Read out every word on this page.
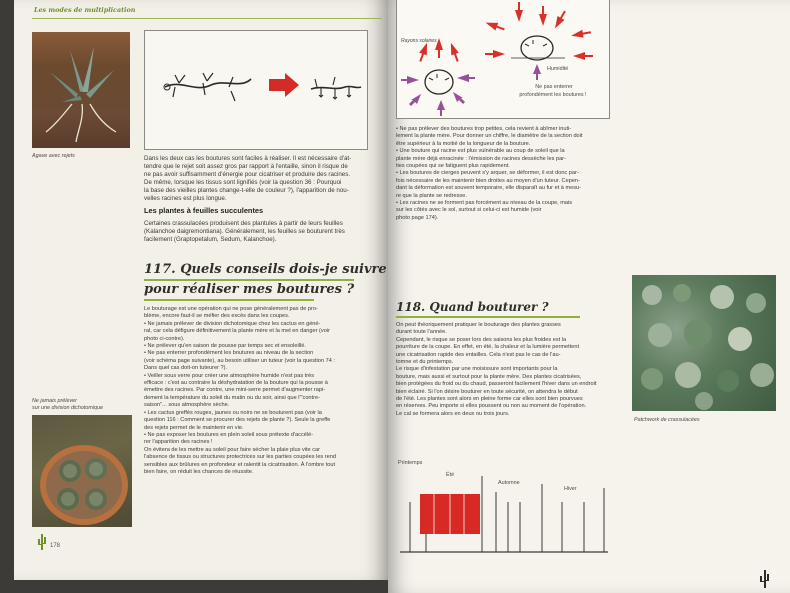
Les modes de multiplication
Agave avec rejets	Dans les deux cas les boutures sont faciles à réaliser. Il est nécessaire d'at-
tendre que le rejet soit assez gros par rapport à l'entaille, sinon il risque de
ne pas avoir suffisamment d'énergie pour cicatriser et produire des racines.
De même, lorsque les tissus sont lignifiés (voir la question 36 : Pourquoi
la base des vieilles plantes change-t-elle de couleur ?), l'apparition de nou-
velles racines est plus longue.
Les plantes à feuilles succulentes
Certaines crassulacées produisent des plantules à partir de leurs feuilles
(Kalanchoe daigremontiana). Généralement, les feuilles se bouturent très
facilement (Graptopetalum, Sedum, Kalanchoe).
117. Quels conseils dois-je suivre
pour réaliser mes boutures ?
Le bouturage est une opération qui ne pose généralement pas de pro-
blème, encore faut-il se méfier des excès dans les coupes.
• Ne jamais prélever de division dichotomique chez les cactus en géné-
ral, car cela défigure définitivement la plante mère et la met en danger (voir
photo ci-contre).
• Ne prélever qu'en saison de pousse par temps sec et ensoleillé.
• Ne pas enterrer profondément les boutures au niveau de la section
(voir schéma page suivante), au besoin utiliser un tuteur (voir la question 74 :
Dans quel cas doit-on tuteurer ?).
• Veiller sous verre pour créer une atmosphère humide n'est pas très
efficace : c'est au contraire la déshydratation de la bouture qui la pousse à
émettre des racines. Par contre, une mini-serre permet d'augmenter rapi-
dement la température du soleil du matin ou du soir, ainsi que l'"contre-
saison"... sous atmosphère sèche.
• Les cactus greffés rouges, jaunes ou noirs ne se bouturent pas (voir la
question 116 : Comment se procurer des rejets de plante ?). Seule la greffe
des rejets permet de le maintenir en vie.
• Ne pas exposer les boutures en plein soleil sous prétexte d'accélé-
rer l'apparition des racines !
On évitera de les mettre au soleil pour faire sécher la plaie plus vite car
l'absence de tissus ou structures protectrices sur les parties coupées les rend
sensibles aux brûlures en profondeur et ralentit la cicatrisation. À l'ombre tout
bien faire, on réduit les chances de réussite.
Ne jamais prélever
sur une division dichotomique
178
Rayons solaires
Humidité
Ne pas enterrer
profondément les boutures !
• Ne pas prélever des boutures trop petites, cela revient à abîmer inuti-
lement la plante mère. Pour donner un chiffre, le diamètre de la section doit
être supérieur à la moitié de la longueur de la bouture.
• Une bouture qui racine est plus vulnérable au coup de soleil que la
plante mère déjà enracinée : l'émission de racines dessèche les par-
ties coupées qui se fatiguent plus rapidement.
• Les boutures de cierges peuvent s'y arquer, se déformer, il est donc par-
fois nécessaire de les maintenir bien droites au moyen d'un tuteur. Cepen-
dant la déformation est souvent temporaire, elle disparaît au fur et à mesu-
re que la plante se redresse.
• Les racines ne se forment pas forcément au niveau de la coupe, mais
sur les côtés avec le sol, surtout si celui-ci est humide (voir
photo page 174).
118. Quand bouturer ?
On peut théoriquement pratiquer le bouturage des plantes grasses
durant toute l'année.
Cependant, le risque se poser lors des saisons les plus froides est la
pourriture de la coupe. En effet, en été, la chaleur et la lumière permettent
une cicatrisation rapide des entailles. Cela n'est pas le cas de l'au-
tomne et du printemps.
Le risque d'infestation par une moisissure sont importants pour la
bouture, mais aussi et surtout pour la plante mère. Des plantes cicatrisées,
bien protégées du froid ou du chaud, passeront facilement l'hiver dans un endroit
bien éclairé. Si l'on désire bouturer en toute sécurité, on attendra le début
de l'été. Les plantes sont alors en pleine forme car elles sont bien pourvues
en réserves. Peu importe si elles poussent ou non au moment de l'opération.
Le cal se formera alors en deux ou trois jours.
Printemps
Été
Automne
Hiver
Patchwork de crassulacées
